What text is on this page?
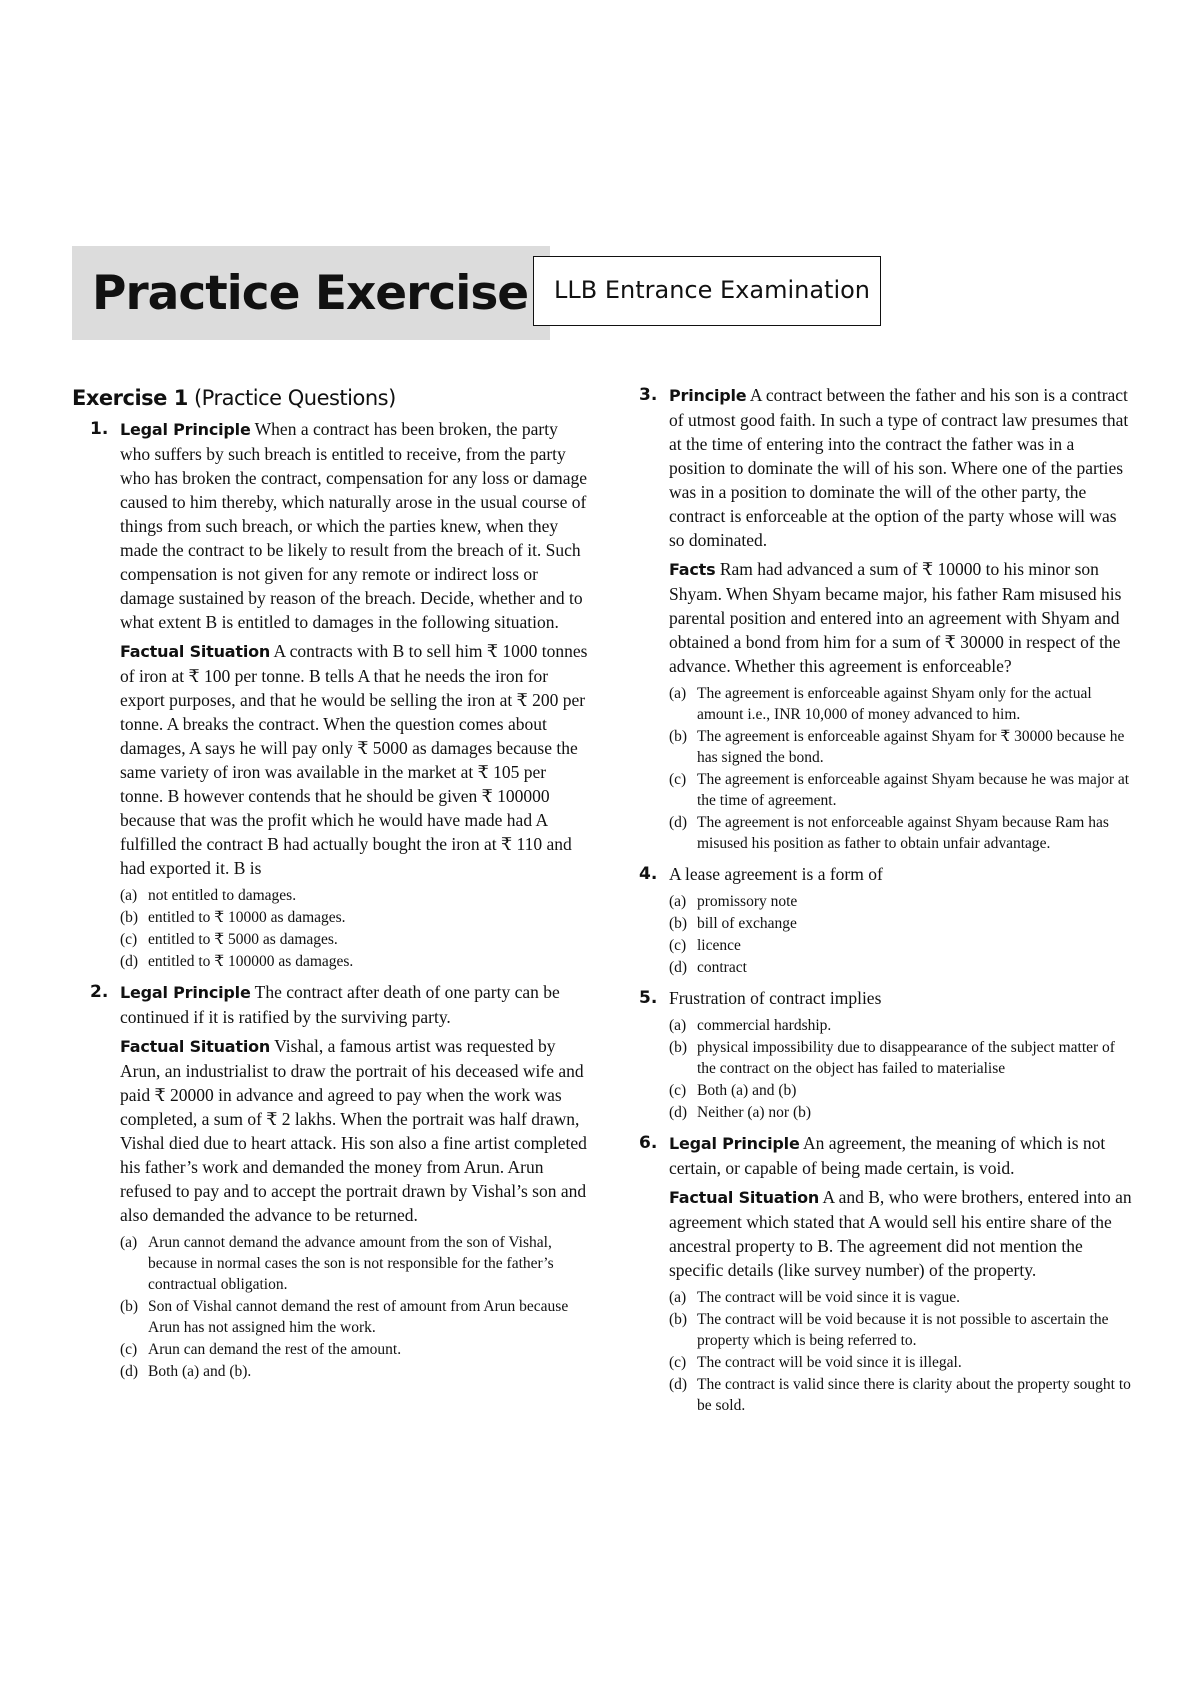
Practice Exercise	LLB Entrance Examination
Exercise 1 (Practice Questions)
1. Legal Principle When a contract has been broken, the party who suffers by such breach is entitled to receive, from the party who has broken the contract, compensation for any loss or damage caused to him thereby, which naturally arose in the usual course of things from such breach, or which the parties knew, when they made the contract to be likely to result from the breach of it. Such compensation is not given for any remote or indirect loss or damage sustained by reason of the breach. Decide, whether and to what extent B is entitled to damages in the following situation.

Factual Situation A contracts with B to sell him ₹ 1000 tonnes of iron at ₹ 100 per tonne. B tells A that he needs the iron for export purposes, and that he would be selling the iron at ₹ 200 per tonne. A breaks the contract. When the question comes about damages, A says he will pay only ₹ 5000 as damages because the same variety of iron was available in the market at ₹ 105 per tonne. B however contends that he should be given ₹ 100000 because that was the profit which he would have made had A fulfilled the contract B had actually bought the iron at ₹ 110 and had exported it. B is

(a) not entitled to damages.
(b) entitled to ₹ 10000 as damages.
(c) entitled to ₹ 5000 as damages.
(d) entitled to ₹ 100000 as damages.
2. Legal Principle The contract after death of one party can be continued if it is ratified by the surviving party.

Factual Situation Vishal, a famous artist was requested by Arun, an industrialist to draw the portrait of his deceased wife and paid ₹ 20000 in advance and agreed to pay when the work was completed, a sum of ₹ 2 lakhs. When the portrait was half drawn, Vishal died due to heart attack. His son also a fine artist completed his father’s work and demanded the money from Arun. Arun refused to pay and to accept the portrait drawn by Vishal’s son and also demanded the advance to be returned.

(a) Arun cannot demand the advance amount from the son of Vishal, because in normal cases the son is not responsible for the father’s contractual obligation.
(b) Son of Vishal cannot demand the rest of amount from Arun because Arun has not assigned him the work.
(c) Arun can demand the rest of the amount.
(d) Both (a) and (b).
3. Principle A contract between the father and his son is a contract of utmost good faith. In such a type of contract law presumes that at the time of entering into the contract the father was in a position to dominate the will of his son. Where one of the parties was in a position to dominate the will of the other party, the contract is enforceable at the option of the party whose will was so dominated.

Facts Ram had advanced a sum of ₹ 10000 to his minor son Shyam. When Shyam became major, his father Ram misused his parental position and entered into an agreement with Shyam and obtained a bond from him for a sum of ₹ 30000 in respect of the advance. Whether this agreement is enforceable?

(a) The agreement is enforceable against Shyam only for the actual amount i.e., INR 10,000 of money advanced to him.
(b) The agreement is enforceable against Shyam for ₹ 30000 because he has signed the bond.
(c) The agreement is enforceable against Shyam because he was major at the time of agreement.
(d) The agreement is not enforceable against Shyam because Ram has misused his position as father to obtain unfair advantage.
4. A lease agreement is a form of

(a) promissory note
(b) bill of exchange
(c) licence
(d) contract
5. Frustration of contract implies

(a) commercial hardship.
(b) physical impossibility due to disappearance of the subject matter of the contract on the object has failed to materialise
(c) Both (a) and (b)
(d) Neither (a) nor (b)
6. Legal Principle An agreement, the meaning of which is not certain, or capable of being made certain, is void.

Factual Situation A and B, who were brothers, entered into an agreement which stated that A would sell his entire share of the ancestral property to B. The agreement did not mention the specific details (like survey number) of the property.

(a) The contract will be void since it is vague.
(b) The contract will be void because it is not possible to ascertain the property which is being referred to.
(c) The contract will be void since it is illegal.
(d) The contract is valid since there is clarity about the property sought to be sold.
